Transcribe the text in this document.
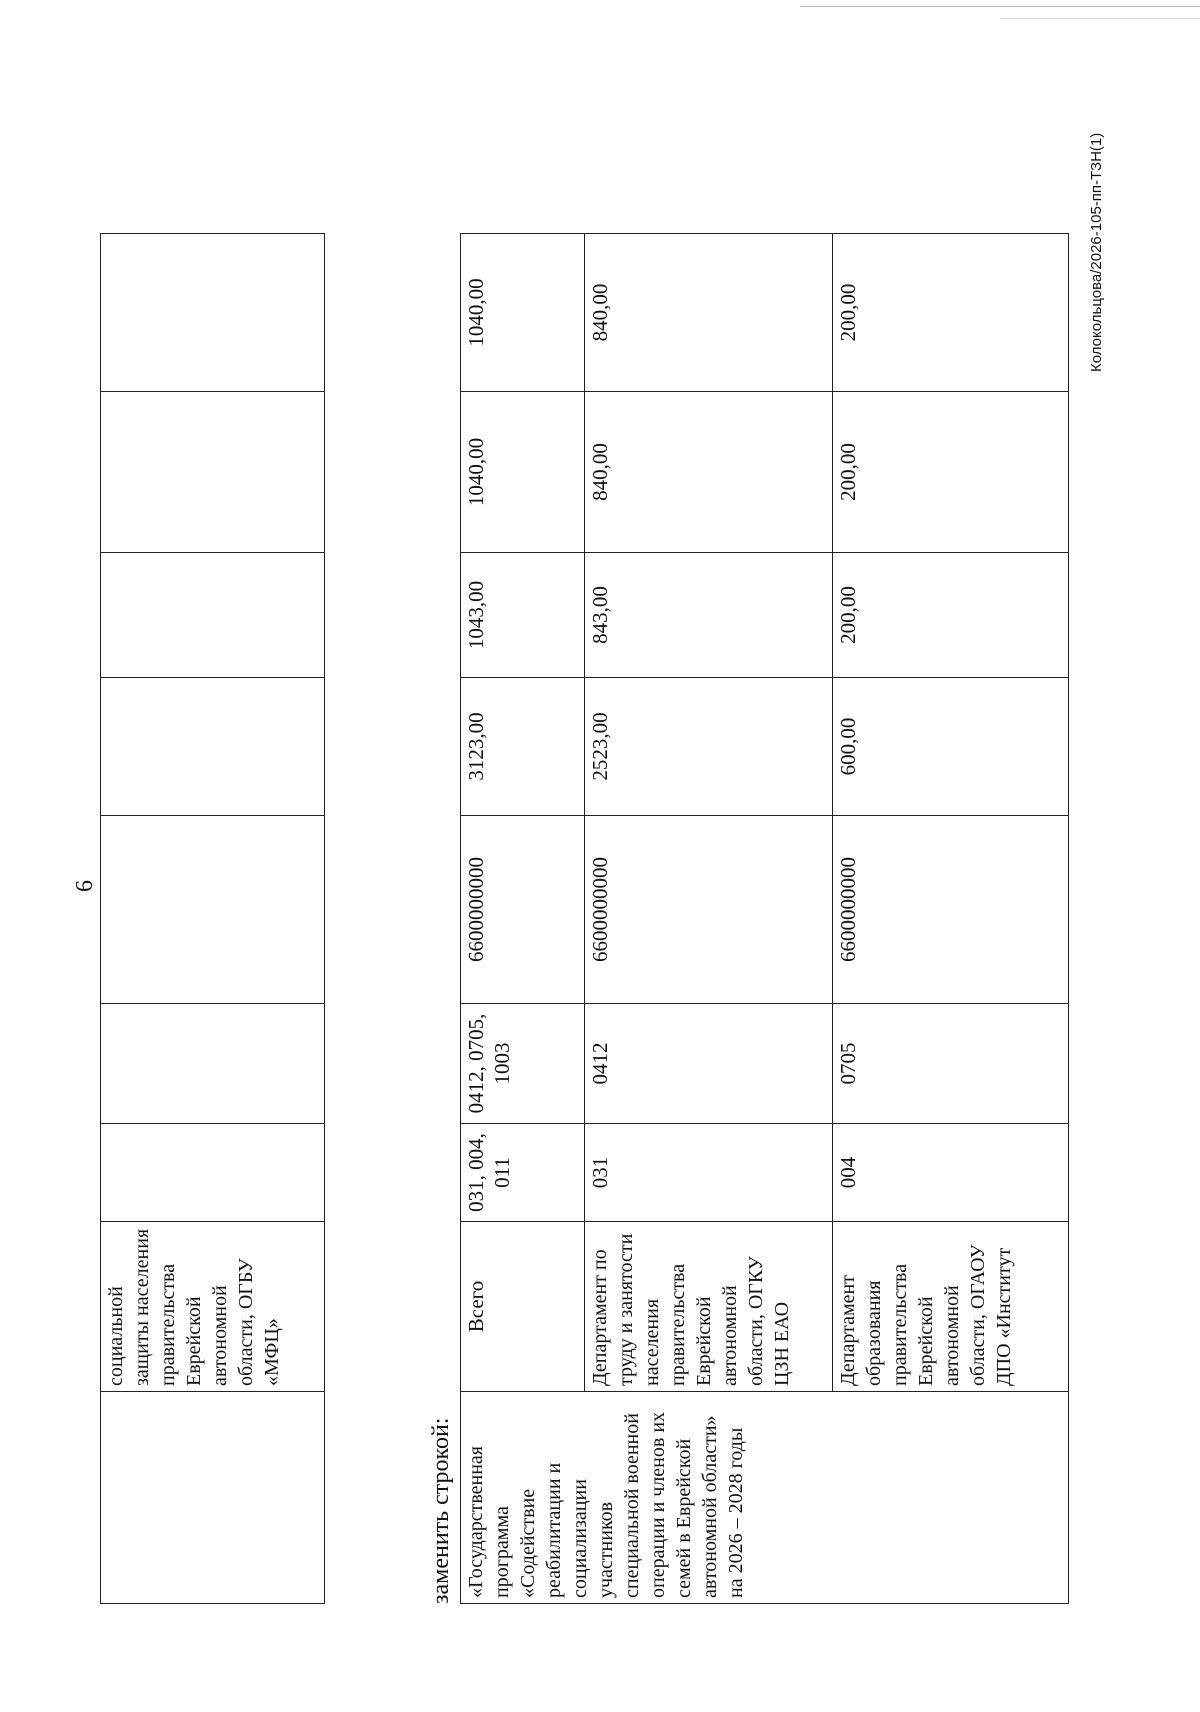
6
	социальной защиты населения правительства Еврейской автономной области, ОГБУ «МФЦ»							
заменить строкой: «Государственная программа «Содействие реабилитации и социализации участников специальной военной операции и членов их семей в Еврейской автономной области» на 2026 – 2028 годы	Всего	031, 004, 011	0412, 0705, 1003	6600000000	3123,00	1043,00	1040,00	1040,00
	Департамент по труду и занятости населения правительства Еврейской автономной области, ОГКУ ЦЗН ЕАО	031	0412	6600000000	2523,00	843,00	840,00	840,00
	Департамент образования правительства Еврейской автономной области, ОГАОУ ДПО «Институт	004	0705	6600000000	600,00	200,00	200,00	200,00	Колокольцова/2026-105-пп-ТЗН(1)
